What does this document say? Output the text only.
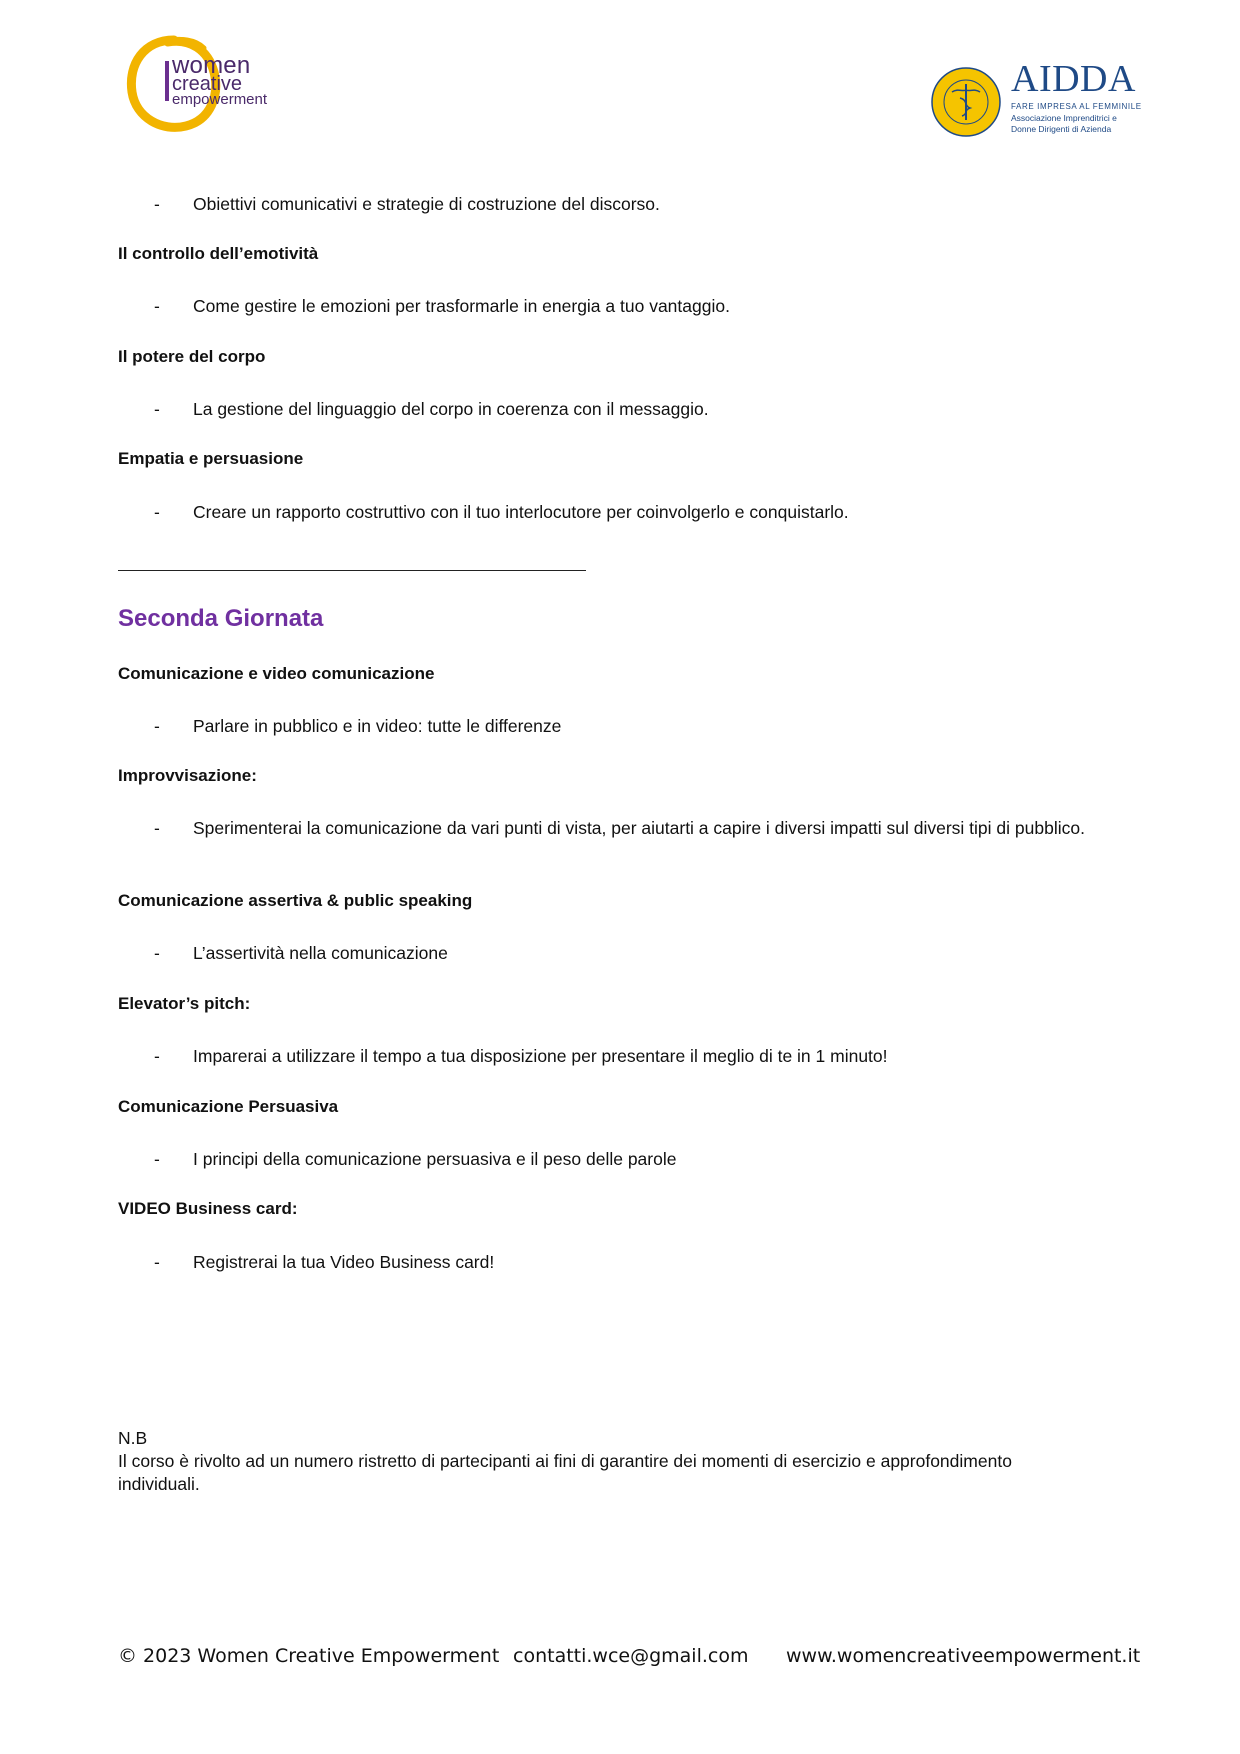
women
creative
empowerment	AIDDA
FARE IMPRESA AL FEMMINILE
Associazione Imprenditrici e
Donne Dirigenti di Azienda
-	Obiettivi comunicativi e strategie di costruzione del discorso.
Il controllo dell’emotività
-	Come gestire le emozioni per trasformarle in energia a tuo vantaggio.
Il potere del corpo
-	La gestione del linguaggio del corpo in coerenza con il messaggio.
Empatia e persuasione
-	Creare un rapporto costruttivo con il tuo interlocutore per coinvolgerlo e conquistarlo.
Seconda Giornata
Comunicazione e video comunicazione
-	Parlare in pubblico e in video: tutte le differenze
Improvvisazione:
-	Sperimenterai la comunicazione da vari punti di vista, per aiutarti a capire i diversi impatti sul diversi tipi di pubblico.
Comunicazione assertiva & public speaking
-	L’assertività nella comunicazione
Elevator’s pitch:
-	Imparerai a utilizzare il tempo a tua disposizione per presentare il meglio di te in 1 minuto!
Comunicazione Persuasiva
-	I principi della comunicazione persuasiva e il peso delle parole
VIDEO Business card:
-	Registrerai la tua Video Business card!
N.B
Il corso è rivolto ad un numero ristretto di partecipanti ai fini di garantire dei momenti di esercizio e approfondimento individuali.
© 2023 Women Creative Empowerment contatti.wce@gmail.com www.womencreativeempowerment.it
